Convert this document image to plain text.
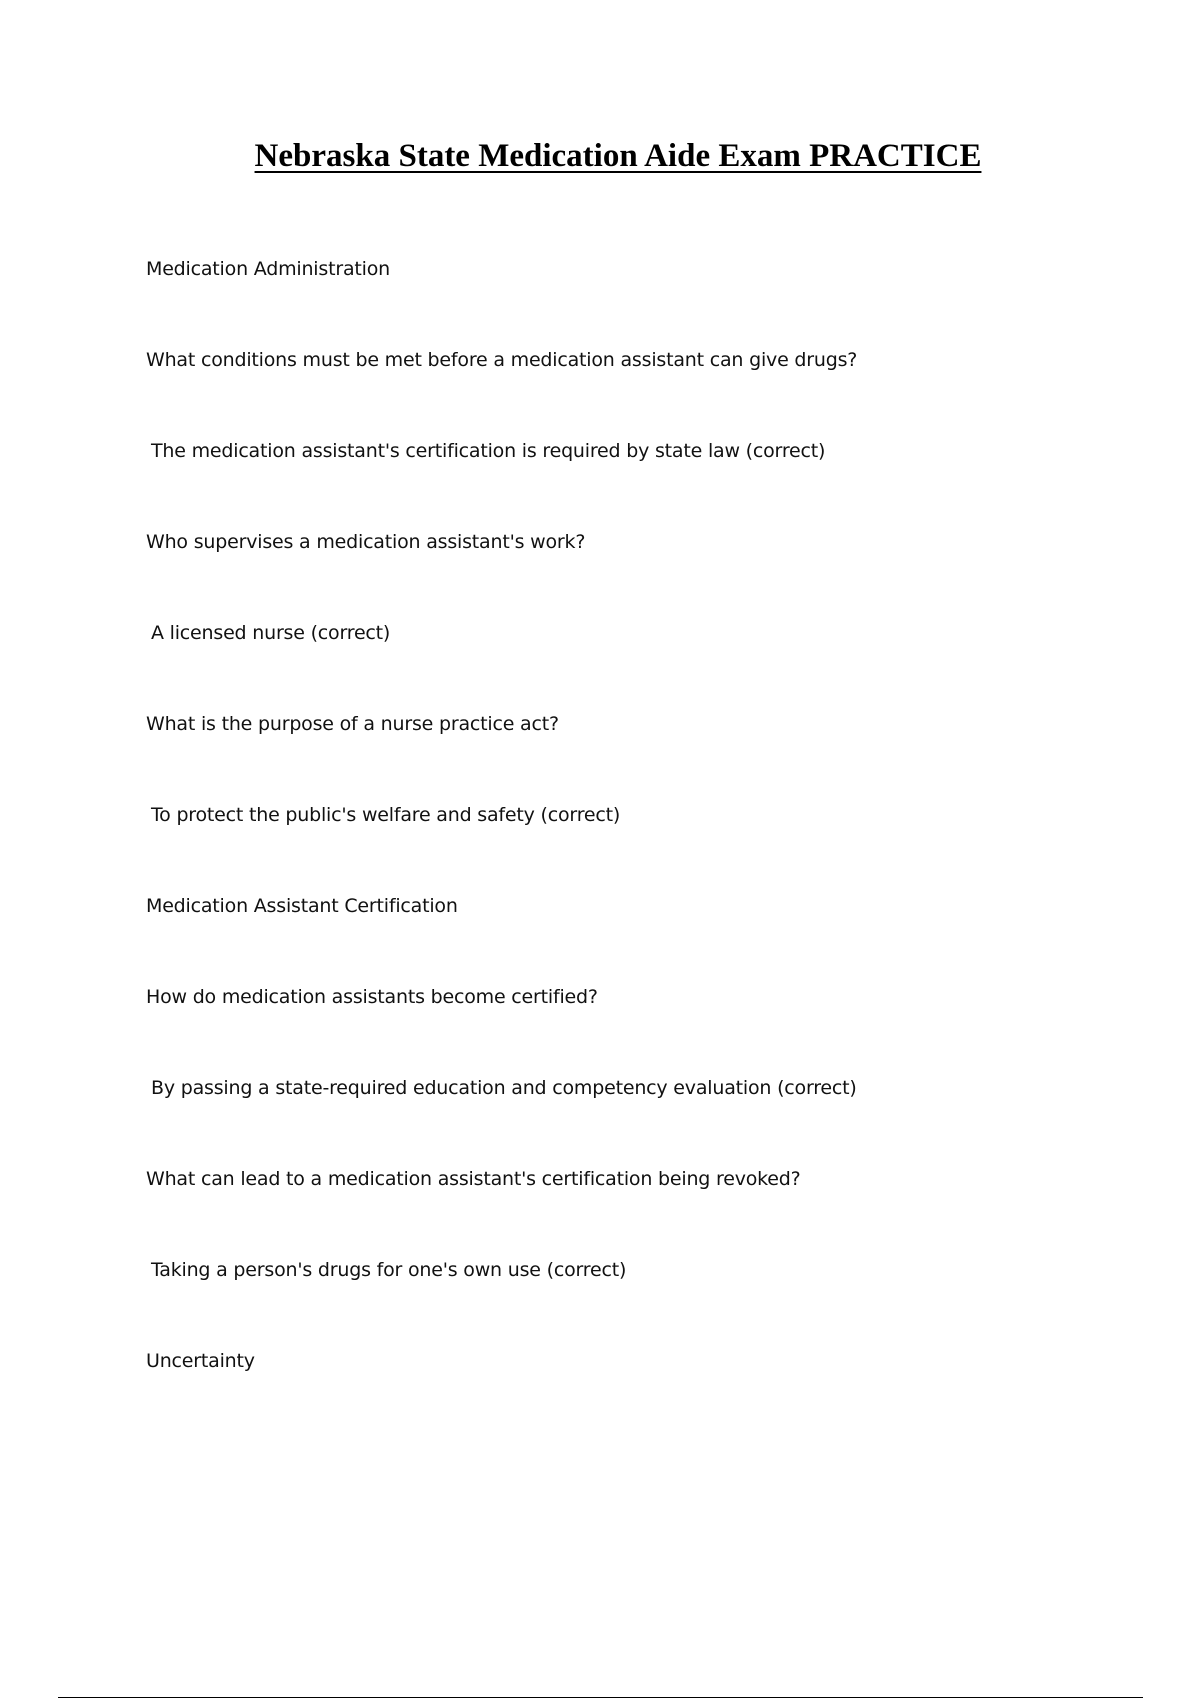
Nebraska State Medication Aide Exam PRACTICE
Medication Administration
What conditions must be met before a medication assistant can give drugs?
The medication assistant's certification is required by state law (correct)
Who supervises a medication assistant's work?
A licensed nurse (correct)
What is the purpose of a nurse practice act?
To protect the public's welfare and safety (correct)
Medication Assistant Certification
How do medication assistants become certified?
By passing a state-required education and competency evaluation (correct)
What can lead to a medication assistant's certification being revoked?
Taking a person's drugs for one's own use (correct)
Uncertainty
